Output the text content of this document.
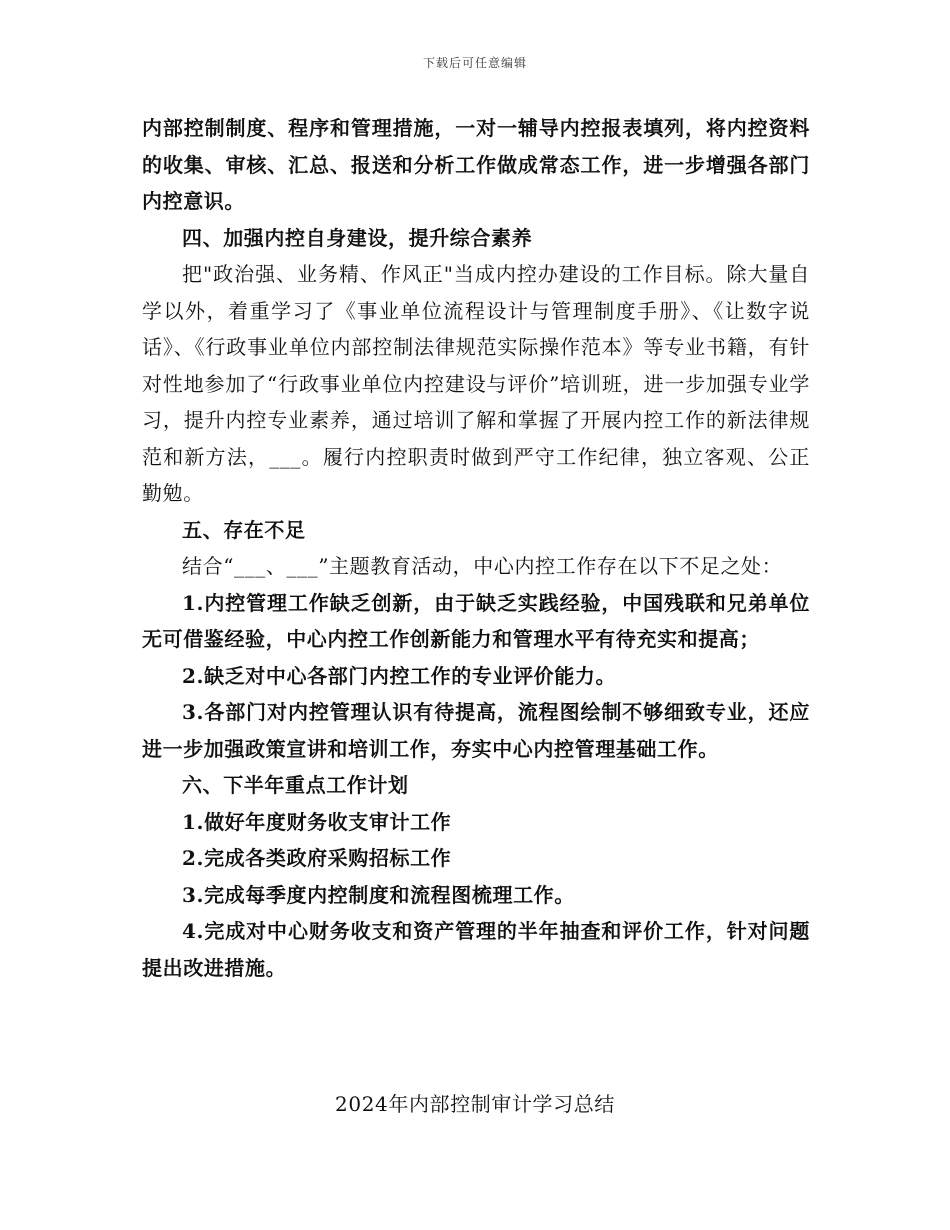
下载后可任意编辑

内部控制制度、程序和管理措施，一对一辅导内控报表填列，将内控资料的收集、审核、汇总、报送和分析工作做成常态工作，进一步增强各部门内控意识。

四、加强内控自身建设，提升综合素养

把"政治强、业务精、作风正"当成内控办建设的工作目标。除大量自学以外，着重学习了《事业单位流程设计与管理制度手册》、《让数字说话》、《行政事业单位内部控制法律规范实际操作范本》等专业书籍，有针对性地参加了“行政事业单位内控建设与评价”培训班，进一步加强专业学习，提升内控专业素养，通过培训了解和掌握了开展内控工作的新法律规范和新方法，___。履行内控职责时做到严守工作纪律，独立客观、公正勤勉。

五、存在不足

结合“___、___”主题教育活动，中心内控工作存在以下不足之处：

1.内控管理工作缺乏创新，由于缺乏实践经验，中国残联和兄弟单位无可借鉴经验，中心内控工作创新能力和管理水平有待充实和提高；

2.缺乏对中心各部门内控工作的专业评价能力。

3.各部门对内控管理认识有待提高，流程图绘制不够细致专业，还应进一步加强政策宣讲和培训工作，夯实中心内控管理基础工作。

六、下半年重点工作计划

1.做好年度财务收支审计工作

2.完成各类政府采购招标工作

3.完成每季度内控制度和流程图梳理工作。

4.完成对中心财务收支和资产管理的半年抽查和评价工作，针对问题提出改进措施。

2024年内部控制审计学习总结
